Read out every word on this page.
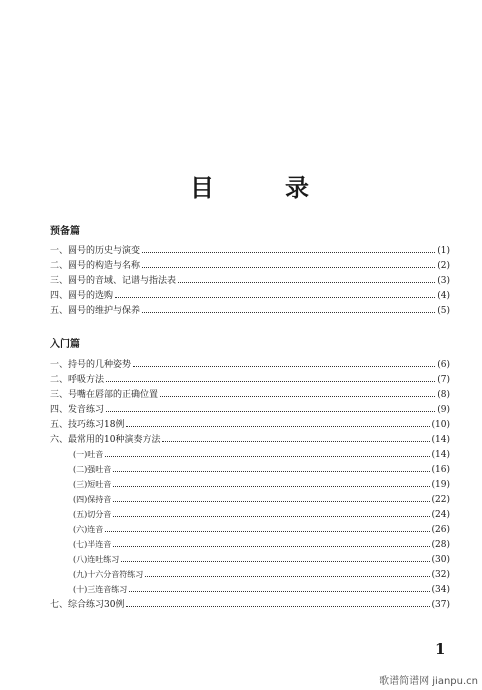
目	录
预备篇
一、圆号的历史与演变	(1)
二、圆号的构造与名称	(2)
三、圆号的音域、记谱与指法表	(3)
四、圆号的选购	(4)
五、圆号的维护与保养	(5)
入门篇
一、持号的几种姿势	(6)
二、呼吸方法	(7)
三、号嘴在唇部的正确位置	(8)
四、发音练习	(9)
五、技巧练习18例	(10)
六、最常用的10种演奏方法	(14)
(一)吐音	(14)
(二)强吐音	(16)
(三)短吐音	(19)
(四)保持音	(22)
(五)切分音	(24)
(六)连音	(26)
(七)半连音	(28)
(八)连吐练习	(30)
(九)十六分音符练习	(32)
(十)三连音练习	(34)
七、综合练习30例	(37)
1
歌谱简谱网 jianpu.cn
